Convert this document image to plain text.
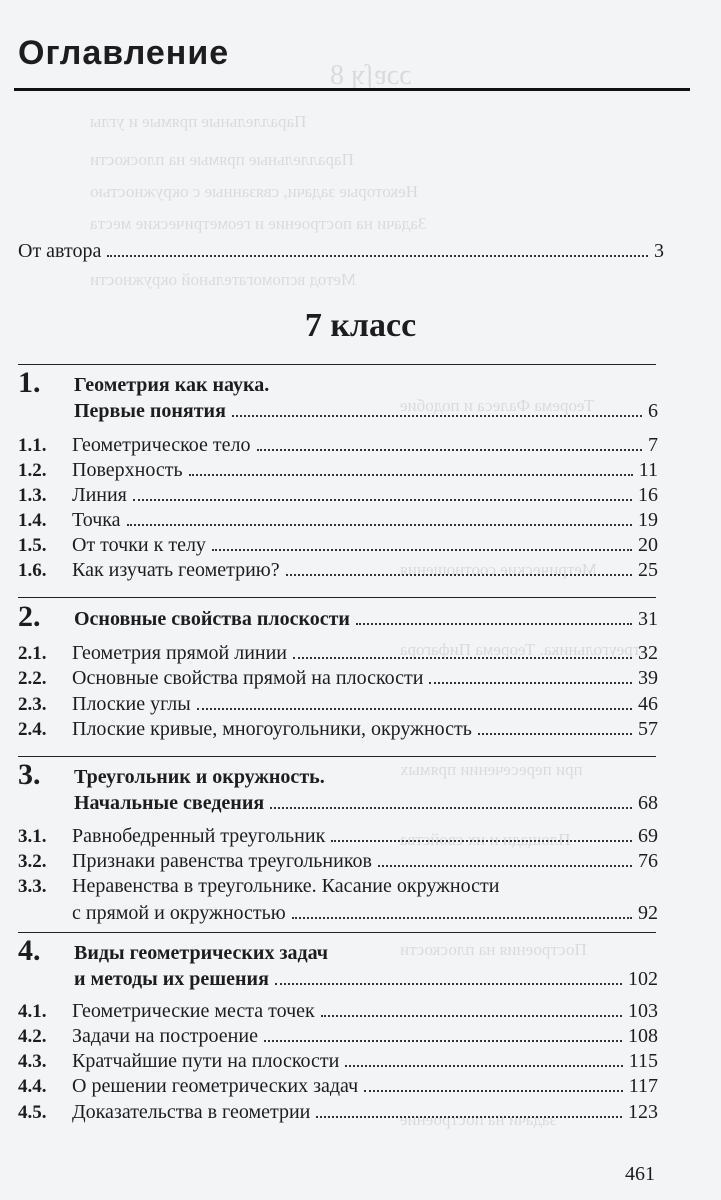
ɔɔɐʃʞ 8
Параллельные прямые и углы
Параллельные прямые на плоскости
Некоторые задачи, связанные с окружностью
Задачи на построение и геометрические места
Метод вспомогательной окружности
Теорема Фалеса и подобие
Метрические соотношения
треугольника. Теорема Пифагора
при пересечении прямых
Площади и их свойства
Построения на плоскости
задачи на построение
Оглавление
От автора	3
7 класс
1. Геометрия как наука.
Первые понятия	6
1.1.	Геометрическое тело	7
1.2.	Поверхность	11
1.3.	Линия	16
1.4.	Точка	19
1.5.	От точки к телу	20
1.6.	Как изучать геометрию?	25
2. Основные свойства плоскости	31
2.1.	Геометрия прямой линии	32
2.2.	Основные свойства прямой на плоскости	39
2.3.	Плоские углы	46
2.4.	Плоские кривые, многоугольники, окружность	57
3. Треугольник и окружность.
Начальные сведения	68
3.1.	Равнобедренный треугольник	69
3.2.	Признаки равенства треугольников	76
3.3.	Неравенства в треугольнике. Касание окружности
с прямой и окружностью	92
4. Виды геометрических задач
и методы их решения	102
4.1.	Геометрические места точек	103
4.2.	Задачи на построение	108
4.3.	Кратчайшие пути на плоскости	115
4.4.	О решении геометрических задач	117
4.5.	Доказательства в геометрии	123
461
